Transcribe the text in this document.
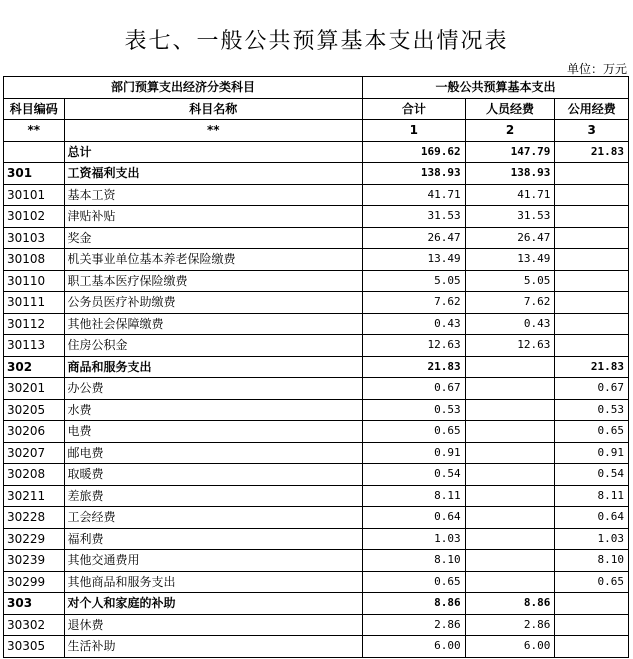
表七、一般公共预算基本支出情况表
单位：万元
部门预算支出经济分类科目		一般公共预算基本支出		
科目编码	科目名称	合计	人员经费	公用经费
**	**	1	2	3
	总计	169.62	147.79	21.83
301	工资福利支出	138.93	138.93	
30101	基本工资	41.71	41.71	
30102	津贴补贴	31.53	31.53	
30103	奖金	26.47	26.47	
30108	机关事业单位基本养老保险缴费	13.49	13.49	
30110	职工基本医疗保险缴费	5.05	5.05	
30111	公务员医疗补助缴费	7.62	7.62	
30112	其他社会保障缴费	0.43	0.43	
30113	住房公积金	12.63	12.63	
302	商品和服务支出	21.83		21.83
30201	办公费	0.67		0.67
30205	水费	0.53		0.53
30206	电费	0.65		0.65
30207	邮电费	0.91		0.91
30208	取暖费	0.54		0.54
30211	差旅费	8.11		8.11
30228	工会经费	0.64		0.64
30229	福利费	1.03		1.03
30239	其他交通费用	8.10		8.10
30299	其他商品和服务支出	0.65		0.65
303	对个人和家庭的补助	8.86	8.86	
30302	退休费	2.86	2.86	
30305	生活补助	6.00	6.00	
